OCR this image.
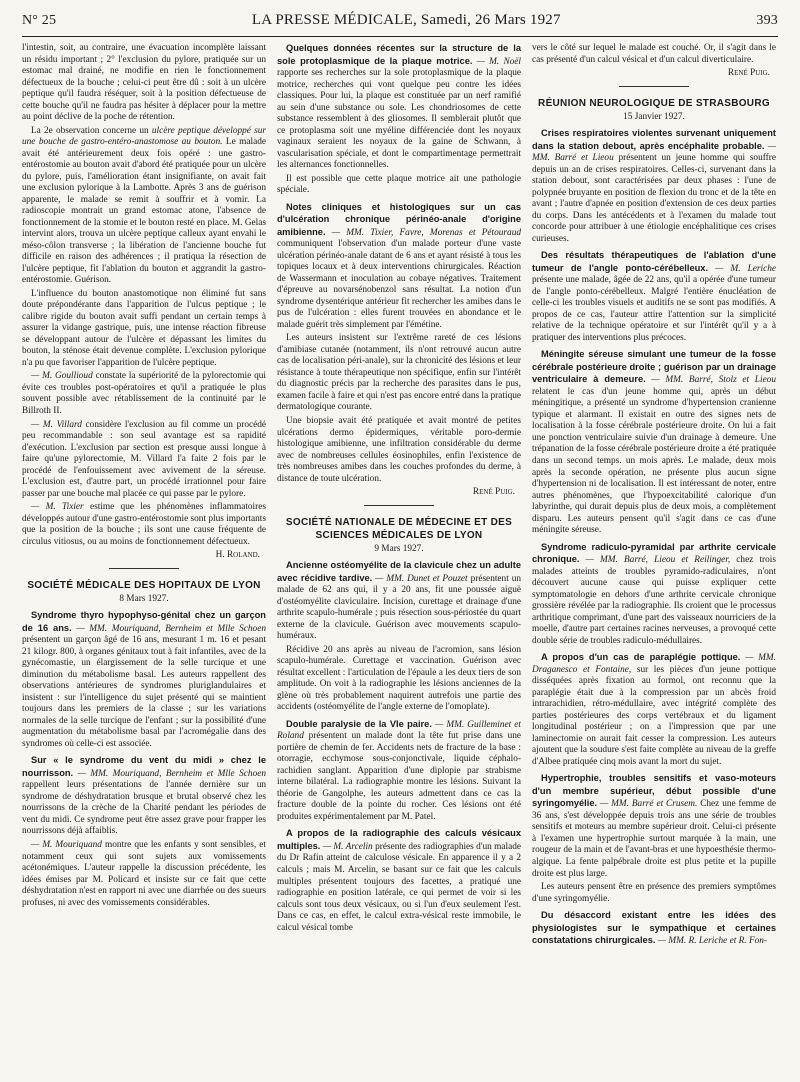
N° 25	LA PRESSE MÉDICALE, Samedi, 26 Mars 1927	393

l'intestin, soit, au contraire, une évacuation incomplète laissant un résidu important ; 2° l'exclusion du pylore, pratiquée sur un estomac mal drainé, ne modifie en rien le fonctionnement défectueux de la bouche ; celui-ci peut être dû : soit à un ulcère peptique qu'il faudra réséquer, soit à la position défectueuse de cette bouche qu'il ne faudra pas hésiter à déplacer pour la mettre au point déclive de la poche de rétention.

La 2e observation concerne un ulcère peptique développé sur une bouche de gastro-entéro-anastomose au bouton. Le malade avait été antérieurement deux fois opéré : une gastro-entérostomie au bouton avait d'abord été pratiquée pour un ulcère du pylore, puis, l'amélioration étant insignifiante, on avait fait une exclusion pylorique à la Lambotte. Après 3 ans de guérison apparente, le malade se remit à souffrir et à vomir. La radioscopie montrait un grand estomac atone, l'absence de fonctionnement de la stomie et le bouton resté en place. M. Gelas intervint alors, trouva un ulcère peptique calleux ayant envahi le méso-côlon transverse ; la libération de l'ancienne bouche fut difficile en raison des adhérences ; il pratiqua la résection de l'ulcère peptique, fit l'ablation du bouton et aggrandit la gastro-entérostomie. Guérison.

L'influence du bouton anastomotique non éliminé fut sans doute prépondérante dans l'apparition de l'ulcus peptique ; le calibre rigide du bouton avait suffi pendant un certain temps à assurer la vidange gastrique, puis, une intense réaction fibreuse se développant autour de l'ulcère et dépassant les limites du bouton, la sténose était devenue complète. L'exclusion pylorique n'a pu que favoriser l'apparition de l'ulcère peptique.

— M. Goullioud constate la supériorité de la pylorectomie qui évite ces troubles post-opératoires et qu'il a pratiquée le plus souvent possible avec rétablissement de la continuité par le Billroth II.

— M. Villard considère l'exclusion au fil comme un procédé peu recommandable : son seul avantage est sa rapidité d'exécution. L'exclusion par section est presque aussi longue à faire qu'une pylorectomie, M. Villard l'a faite 2 fois par le procédé de l'enfouissement avec avivement de la séreuse. L'exclusion est, d'autre part, un procédé irrationnel pour faire passer par une bouche mal placée ce qui passe par le pylore.

— M. Tixier estime que les phénomènes inflammatoires développés autour d'une gastro-entérostomie sont plus importants que la position de la bouche ; ils sont une cause fréquente de circulus vitiosus, ou au moins de fonctionnement défectueux.

H. Roland.

SOCIÉTÉ MÉDICALE DES HOPITAUX DE LYON
8 Mars 1927.

Syndrome thyro hypophyso-génital chez un garçon de 16 ans. — MM. Mouriquand, Bernheim et Mlle Schoen présentent un garçon âgé de 16 ans, mesurant 1 m. 16 et pesant 21 kilogr. 800, à organes génitaux tout à fait infantiles, avec de la gynécomastie, un élargissement de la selle turcique et une diminution du métabolisme basal. Les auteurs rappellent des observations antérieures de syndromes pluriglandulaires et insistent : sur l'intelligence du sujet présenté qui se maintient toujours dans les premiers de la classe ; sur les variations normales de la selle turcique de l'enfant ; sur la possibilité d'une augmentation du métabolisme basal par l'acromégalie dans des syndromes où celle-ci est associée.

Sur « le syndrome du vent du midi » chez le nourrisson. — MM. Mouriquand, Bernheim et Mlle Schoen rappellent leurs présentations de l'année dernière sur un syndrome de déshydratation brusque et brutal observé chez les nourrissons de la crèche de la Charité pendant les périodes de vent du midi. Ce syndrome peut être assez grave pour frapper les nourrissons déjà affaiblis.

— M. Mouriquand montre que les enfants y sont sensibles, et notamment ceux qui sont sujets aux vomissements acétonémiques. L'auteur rappelle la discussion précédente, les idées émises par M. Policard et insiste sur ce fait que cette déshydratation n'est en rapport ni avec une diarrhée ou des sueurs profuses, ni avec des vomissements considérables.

Quelques données récentes sur la structure de la sole protoplasmique de la plaque motrice. — M. Noël rapporte ses recherches sur la sole protoplasmique de la plaque motrice, recherches qui vont quelque peu contre les idées classiques. Pour lui, la plaque est constituée par un nerf ramifié au sein d'une substance ou sole. Les chondriosomes de cette substance ressemblent à des gliosomes. Il semblerait plutôt que ce protoplasma soit une myéline différenciée dont les noyaux vaginaux seraient les noyaux de la gaine de Schwann, à vascularisation spéciale, et dont le compartimentage permettrait les alternances fonctionnelles.

Il est possible que cette plaque motrice ait une pathologie spéciale.

Notes cliniques et histologiques sur un cas d'ulcération chronique périnéo-anale d'origine amibienne. — MM. Tixier, Favre, Morenas et Pétouraud communiquent l'observation d'un malade porteur d'une vaste ulcération périnéo-anale datant de 6 ans et ayant résisté à tous les topiques locaux et à deux interventions chirurgicales. Réaction de Wassermann et inoculation au cobaye négatives. Traitement d'épreuve au novarsénobenzol sans résultat. La notion d'un syndrome dysentérique antérieur fit rechercher les amibes dans le pus de l'ulcération : elles furent trouvées en abondance et le malade guérit très simplement par l'émétine.

Les auteurs insistent sur l'extrême rareté de ces lésions d'amibiase cutanée (notamment, ils n'ont retrouvé aucun autre cas de localisation péri-anale), sur la chronicité des lésions et leur résistance à toute thérapeutique non spécifique, enfin sur l'intérêt du diagnostic précis par la recherche des parasites dans le pus, examen facile à faire et qui n'est pas encore entré dans la pratique dermatologique courante.

Une biopsie avait été pratiquée et avait montré de petites ulcérations dermo épidermiques, véritable poro-dermie histologique amibienne, une infiltration considérable du derme avec de nombreuses cellules éosinophiles, enfin l'existence de très nombreuses amibes dans les couches profondes du derme, à distance de toute ulcération.

René Puig.

SOCIÉTÉ NATIONALE DE MÉDECINE ET DES SCIENCES MÉDICALES DE LYON
9 Mars 1927.

Ancienne ostéomyélite de la clavicule chez un adulte avec récidive tardive. — MM. Dunet et Pouzet présentent un malade de 62 ans qui, il y a 20 ans, fit une poussée aiguë d'ostéomyélite claviculaire. Incision, curettage et drainage d'une arthrite scapulo-humérale ; puis résection sous-périostée du quart externe de la clavicule. Guérison avec mouvements scapulo-huméraux.

Récidive 20 ans après au niveau de l'acromion, sans lésion scapulo-humérale. Curettage et vaccination. Guérison avec résultat excellent : l'articulation de l'épaule a les deux tiers de son amplitude. On voit à la radiographie les lésions anciennes de la glène où très probablement naquirent autrefois une partie des accidents (ostéomyélite de l'angle externe de l'omoplate).

Double paralysie de la VIe paire. — MM. Guilleminet et Roland présentent un malade dont la tête fut prise dans une portière de chemin de fer. Accidents nets de fracture de la base : otorragie, ecchymose sous-conjonctivale, liquide céphalo-rachidien sanglant. Apparition d'une diplopie par strabisme interne bilatéral. La radiographie montre les lésions. Suivant la théorie de Gangolphe, les auteurs admettent dans ce cas la fracture double de la pointe du rocher. Ces lésions ont été produites expérimentalement par M. Patel.

A propos de la radiographie des calculs vésicaux multiples. — M. Arcelin présente des radiographies d'un malade du Dr Rafin atteint de calculose vésicale. En apparence il y a 2 calculs ; mais M. Arcelin, se basant sur ce fait que les calculs multiples présentent toujours des facettes, a pratiqué une radiographie en position latérale, ce qui permet de voir si les calculs sont tous deux vésicaux, ou si l'un d'eux seulement l'est. Dans ce cas, en effet, le calcul extra-vésical reste immobile, le calcul vésical tombe

vers le côté sur lequel le malade est couché. Or, il s'agit dans le cas présenté d'un calcul vésical et d'un calcul diverticulaire.

René Puig.

RÉUNION NEUROLOGIQUE DE STRASBOURG
15 Janvier 1927.

Crises respiratoires violentes survenant uniquement dans la station debout, après encéphalite probable. — MM. Barré et Lieou présentent un jeune homme qui souffre depuis un an de crises respiratoires. Celles-ci, survenant dans la station debout, sont caractérisées par deux phases : l'une de polypnée bruyante en position de flexion du tronc et de la tête en avant ; l'autre d'apnée en position d'extension de ces deux parties du corps. Dans les antécédents et à l'examen du malade tout concorde pour attribuer à une étiologie encéphalitique ces crises curieuses.

Des résultats thérapeutiques de l'ablation d'une tumeur de l'angle ponto-cérébelleux. — M. Leriche présente une malade, âgée de 22 ans, qu'il a opérée d'une tumeur de l'angle ponto-cérébelleux. Malgré l'entière énucléation de celle-ci les troubles visuels et auditifs ne se sont pas modifiés. A propos de ce cas, l'auteur attire l'attention sur la simplicité relative de la technique opératoire et sur l'intérêt qu'il y a à pratiquer des interventions plus précoces.

Méningite séreuse simulant une tumeur de la fosse cérébrale postérieure droite ; guérison par un drainage ventriculaire à demeure. — MM. Barré, Stolz et Lieou relatent le cas d'un jeune homme qui, après un début méningitique, a présenté un syndrome d'hypertension cranienne typique et alarmant. Il existait en outre des signes nets de localisation à la fosse cérébrale postérieure droite. On lui a fait une ponction ventriculaire suivie d'un drainage à demeure. Une trépanation de la fosse cérébrale postérieure droite a été pratiquée dans un second temps. un mois après. Le malade, deux mois après la seconde opération, ne présente plus aucun signe d'hypertension ni de localisation. Il est intéressant de noter, entre autres phénomènes, que l'hypoexcitabilité calorique d'un labyrinthe, qui durait depuis plus de deux mois, a complètement disparu. Les auteurs pensent qu'il s'agit dans ce cas d'une méningite séreuse.

Syndrome radiculo-pyramidal par arthrite cervicale chronique. — MM. Barré, Lieou et Reilinger, chez trois malades atteints de troubles pyramido-radiculaires, n'ont découvert aucune cause qui puisse expliquer cette symptomatologie en dehors d'une arthrite cervicale chronique grossière révélée par la radiographie. Ils croient que le processus arthritique comprimant, d'une part des vaisseaux nourriciers de la moelle, d'autre part certaines racines nerveuses, a provoqué cette double série de troubles radiculo-médullaires.

A propos d'un cas de paraplégie pottique. — MM. Draganesco et Fontaine, sur les pièces d'un jeune pottique disséquées après fixation au formol, ont reconnu que la paraplégie était due à la compression par un abcès froid intrarachidien, rétro-médullaire, avec intégrité complète des parties postérieures des corps vertébraux et du ligament longitudinal postérieur ; on a l'impression que par une laminectomie on aurait fait cesser la compression. Les auteurs ajoutent que la soudure s'est faite complète au niveau de la greffe d'Albee pratiquée cinq mois avant la mort du sujet.

Hypertrophie, troubles sensitifs et vaso-moteurs d'un membre supérieur, début possible d'une syringomyélie. — MM. Barré et Crusem. Chez une femme de 36 ans, s'est développée depuis trois ans une série de troubles sensitifs et moteurs au membre supérieur droit. Celui-ci présente à l'examen une hypertrophie surtout marquée à la main, une rougeur de la main et de l'avant-bras et une hypoesthésie thermo-algique. La fente palpébrale droite est plus petite et la pupille droite est plus large.

Les auteurs pensent être en présence des premiers symptômes d'une syringomyélie.

Du désaccord existant entre les idées des physiologistes sur le sympathique et certaines constatations chirurgicales. — MM. R. Leriche et R. Fon-
